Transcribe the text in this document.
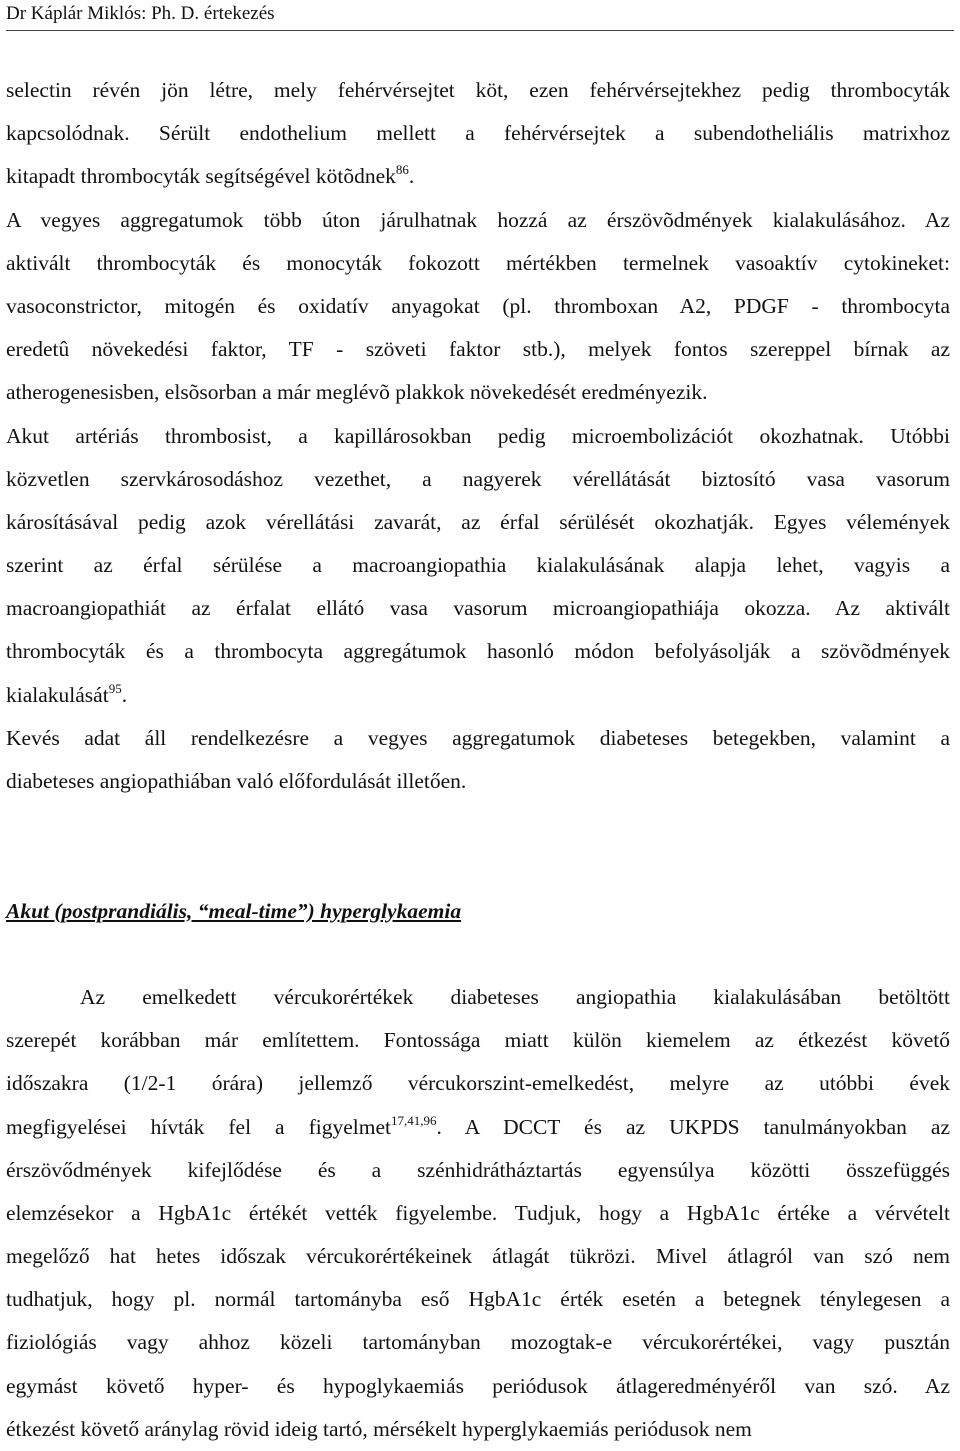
Dr Káplár Miklós: Ph. D. értekezés
selectin révén jön létre, mely fehérvérsejtet köt, ezen fehérvérsejtekhez pedig thrombocyták
kapcsolódnak. Sérült endothelium mellett a fehérvérsejtek a subendotheliális matrixhoz
kitapadt thrombocyták segítségével kötõdnek$^{86}$.
A vegyes aggregatumok több úton járulhatnak hozzá az érszövõdmények kialakulásához. Az
aktivált thrombocyták és monocyták fokozott mértékben termelnek vasoaktív cytokineket:
vasoconstrictor, mitogén és oxidatív anyagokat (pl. thromboxan A2, PDGF - thrombocyta
eredetû növekedési faktor, TF - szöveti faktor stb.), melyek fontos szereppel bírnak az
atherogenesisben, elsõsorban a már meglévõ plakkok növekedését eredményezik.
Akut artériás thrombosist, a kapillárosokban pedig microembolizációt okozhatnak. Utóbbi
közvetlen szervkárosodáshoz vezethet, a nagyerek vérellátását biztosító vasa vasorum
károsításával pedig azok vérellátási zavarát, az érfal sérülését okozhatják. Egyes vélemények
szerint az érfal sérülése a macroangiopathia kialakulásának alapja lehet, vagyis a
macroangiopathiát az érfalat ellátó vasa vasorum microangiopathiája okozza. Az aktivált
thrombocyták és a thrombocyta aggregátumok hasonló módon befolyásolják a szövõdmények
kialakulását$^{95}$.
Kevés adat áll rendelkezésre a vegyes aggregatumok diabeteses betegekben, valamint a
diabeteses angiopathiában való előfordulását illetően.
Akut (postprandiális, “meal-time”) hyperglykaemia
Az emelkedett vércukorértékek diabeteses angiopathia kialakulásában betöltött
szerepét korábban már említettem. Fontossága miatt külön kiemelem az étkezést követő
időszakra (1/2-1 órára) jellemző vércukorszint-emelkedést, melyre az utóbbi évek
megfigyelései hívták fel a figyelmet$^{17,41,96}$. A DCCT és az UKPDS tanulmányokban az
érszövődmények kifejlődése és a szénhidrátháztartás egyensúlya közötti összefüggés
elemzésekor a HgbA1c értékét vették figyelembe. Tudjuk, hogy a HgbA1c értéke a vérvételt
megelőző hat hetes időszak vércukorértékeinek átlagát tükrözi. Mivel átlagról van szó nem
tudhatjuk, hogy pl. normál tartományba eső HgbA1c érték esetén a betegnek ténylegesen a
fiziológiás vagy ahhoz közeli tartományban mozogtak-e vércukorértékei, vagy pusztán
egymást követő hyper- és hypoglykaemiás periódusok átlageredményéről van szó. Az
étkezést követő aránylag rövid ideig tartó, mérsékelt hyperglykaemiás periódusok nem
